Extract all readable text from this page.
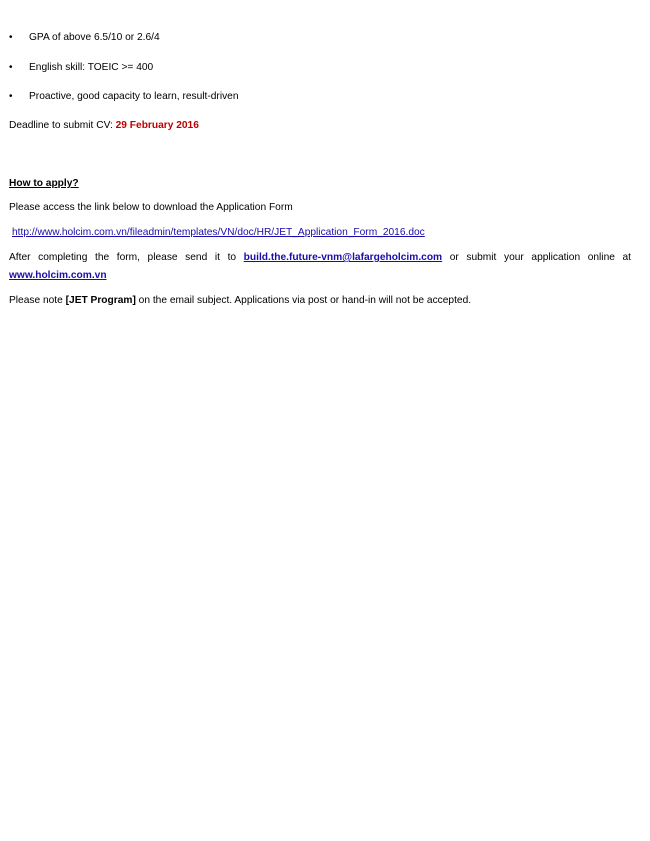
• GPA of above 6.5/10 or 2.6/4
• English skill: TOEIC >= 400
• Proactive, good capacity to learn, result-driven
Deadline to submit CV: 29 February 2016
How to apply?
Please access the link below to download the Application Form
http://www.holcim.com.vn/fileadmin/templates/VN/doc/HR/JET_Application_Form_2016.doc
After completing the form, please send it to build.the.future-vnm@lafargeholcim.com or submit your application online at
www.holcim.com.vn
Please note [JET Program] on the email subject. Applications via post or hand-in will not be accepted.
